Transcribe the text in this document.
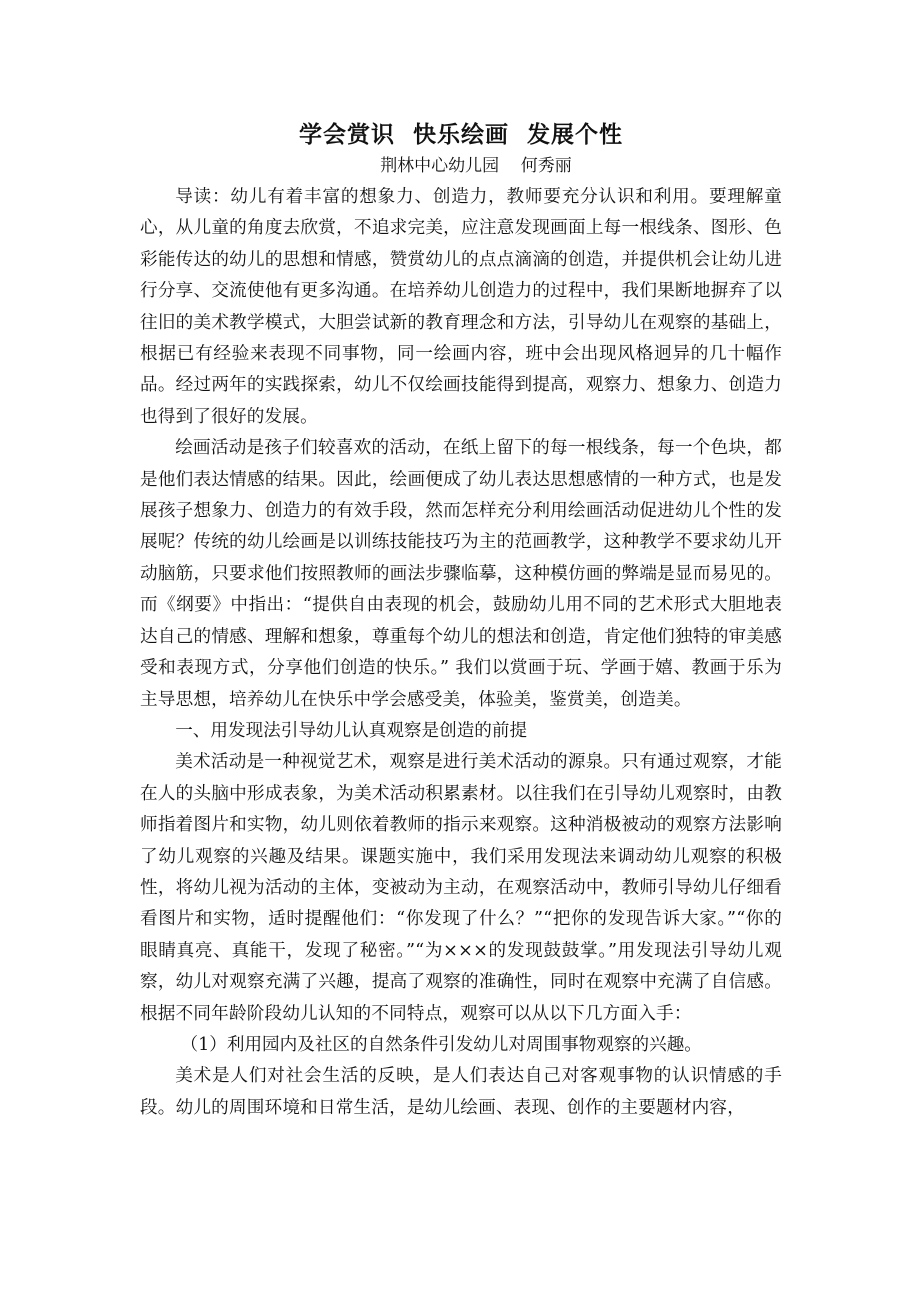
学会赏识  快乐绘画  发展个性

荆林中心幼儿园    何秀丽

导读：幼儿有着丰富的想象力、创造力，教师要充分认识和利用。要理解童心，从儿童的角度去欣赏，不追求完美，应注意发现画面上每一根线条、图形、色彩能传达的幼儿的思想和情感，赞赏幼儿的点点滴滴的创造，并提供机会让幼儿进行分享、交流使他有更多沟通。在培养幼儿创造力的过程中，我们果断地摒弃了以往旧的美术教学模式，大胆尝试新的教育理念和方法，引导幼儿在观察的基础上，根据已有经验来表现不同事物，同一绘画内容，班中会出现风格迥异的几十幅作品。经过两年的实践探索，幼儿不仅绘画技能得到提高，观察力、想象力、创造力也得到了很好的发展。

绘画活动是孩子们较喜欢的活动，在纸上留下的每一根线条，每一个色块，都是他们表达情感的结果。因此，绘画便成了幼儿表达思想感情的一种方式，也是发展孩子想象力、创造力的有效手段，然而怎样充分利用绘画活动促进幼儿个性的发展呢？传统的幼儿绘画是以训练技能技巧为主的范画教学，这种教学不要求幼儿开动脑筋，只要求他们按照教师的画法步骤临摹，这种模仿画的弊端是显而易见的。而《纲要》中指出：“提供自由表现的机会，鼓励幼儿用不同的艺术形式大胆地表达自己的情感、理解和想象，尊重每个幼儿的想法和创造，肯定他们独特的审美感受和表现方式，分享他们创造的快乐。” 我们以赏画于玩、学画于嬉、教画于乐为主导思想，培养幼儿在快乐中学会感受美，体验美，鉴赏美，创造美。

一、用发现法引导幼儿认真观察是创造的前提

美术活动是一种视觉艺术，观察是进行美术活动的源泉。只有通过观察，才能在人的头脑中形成表象，为美术活动积累素材。以往我们在引导幼儿观察时，由教师指着图片和实物，幼儿则依着教师的指示来观察。这种消极被动的观察方法影响了幼儿观察的兴趣及结果。课题实施中，我们采用发现法来调动幼儿观察的积极性，将幼儿视为活动的主体，变被动为主动，在观察活动中，教师引导幼儿仔细看看图片和实物，适时提醒他们：“你发现了什么？”“把你的发现告诉大家。”“你的眼睛真亮、真能干，发现了秘密。”“为×××的发现鼓鼓掌。”用发现法引导幼儿观察，幼儿对观察充满了兴趣，提高了观察的准确性，同时在观察中充满了自信感。根据不同年龄阶段幼儿认知的不同特点，观察可以从以下几方面入手：

（1）利用园内及社区的自然条件引发幼儿对周围事物观察的兴趣。

美术是人们对社会生活的反映，是人们表达自己对客观事物的认识情感的手段。幼儿的周围环境和日常生活，是幼儿绘画、表现、创作的主要题材内容，
